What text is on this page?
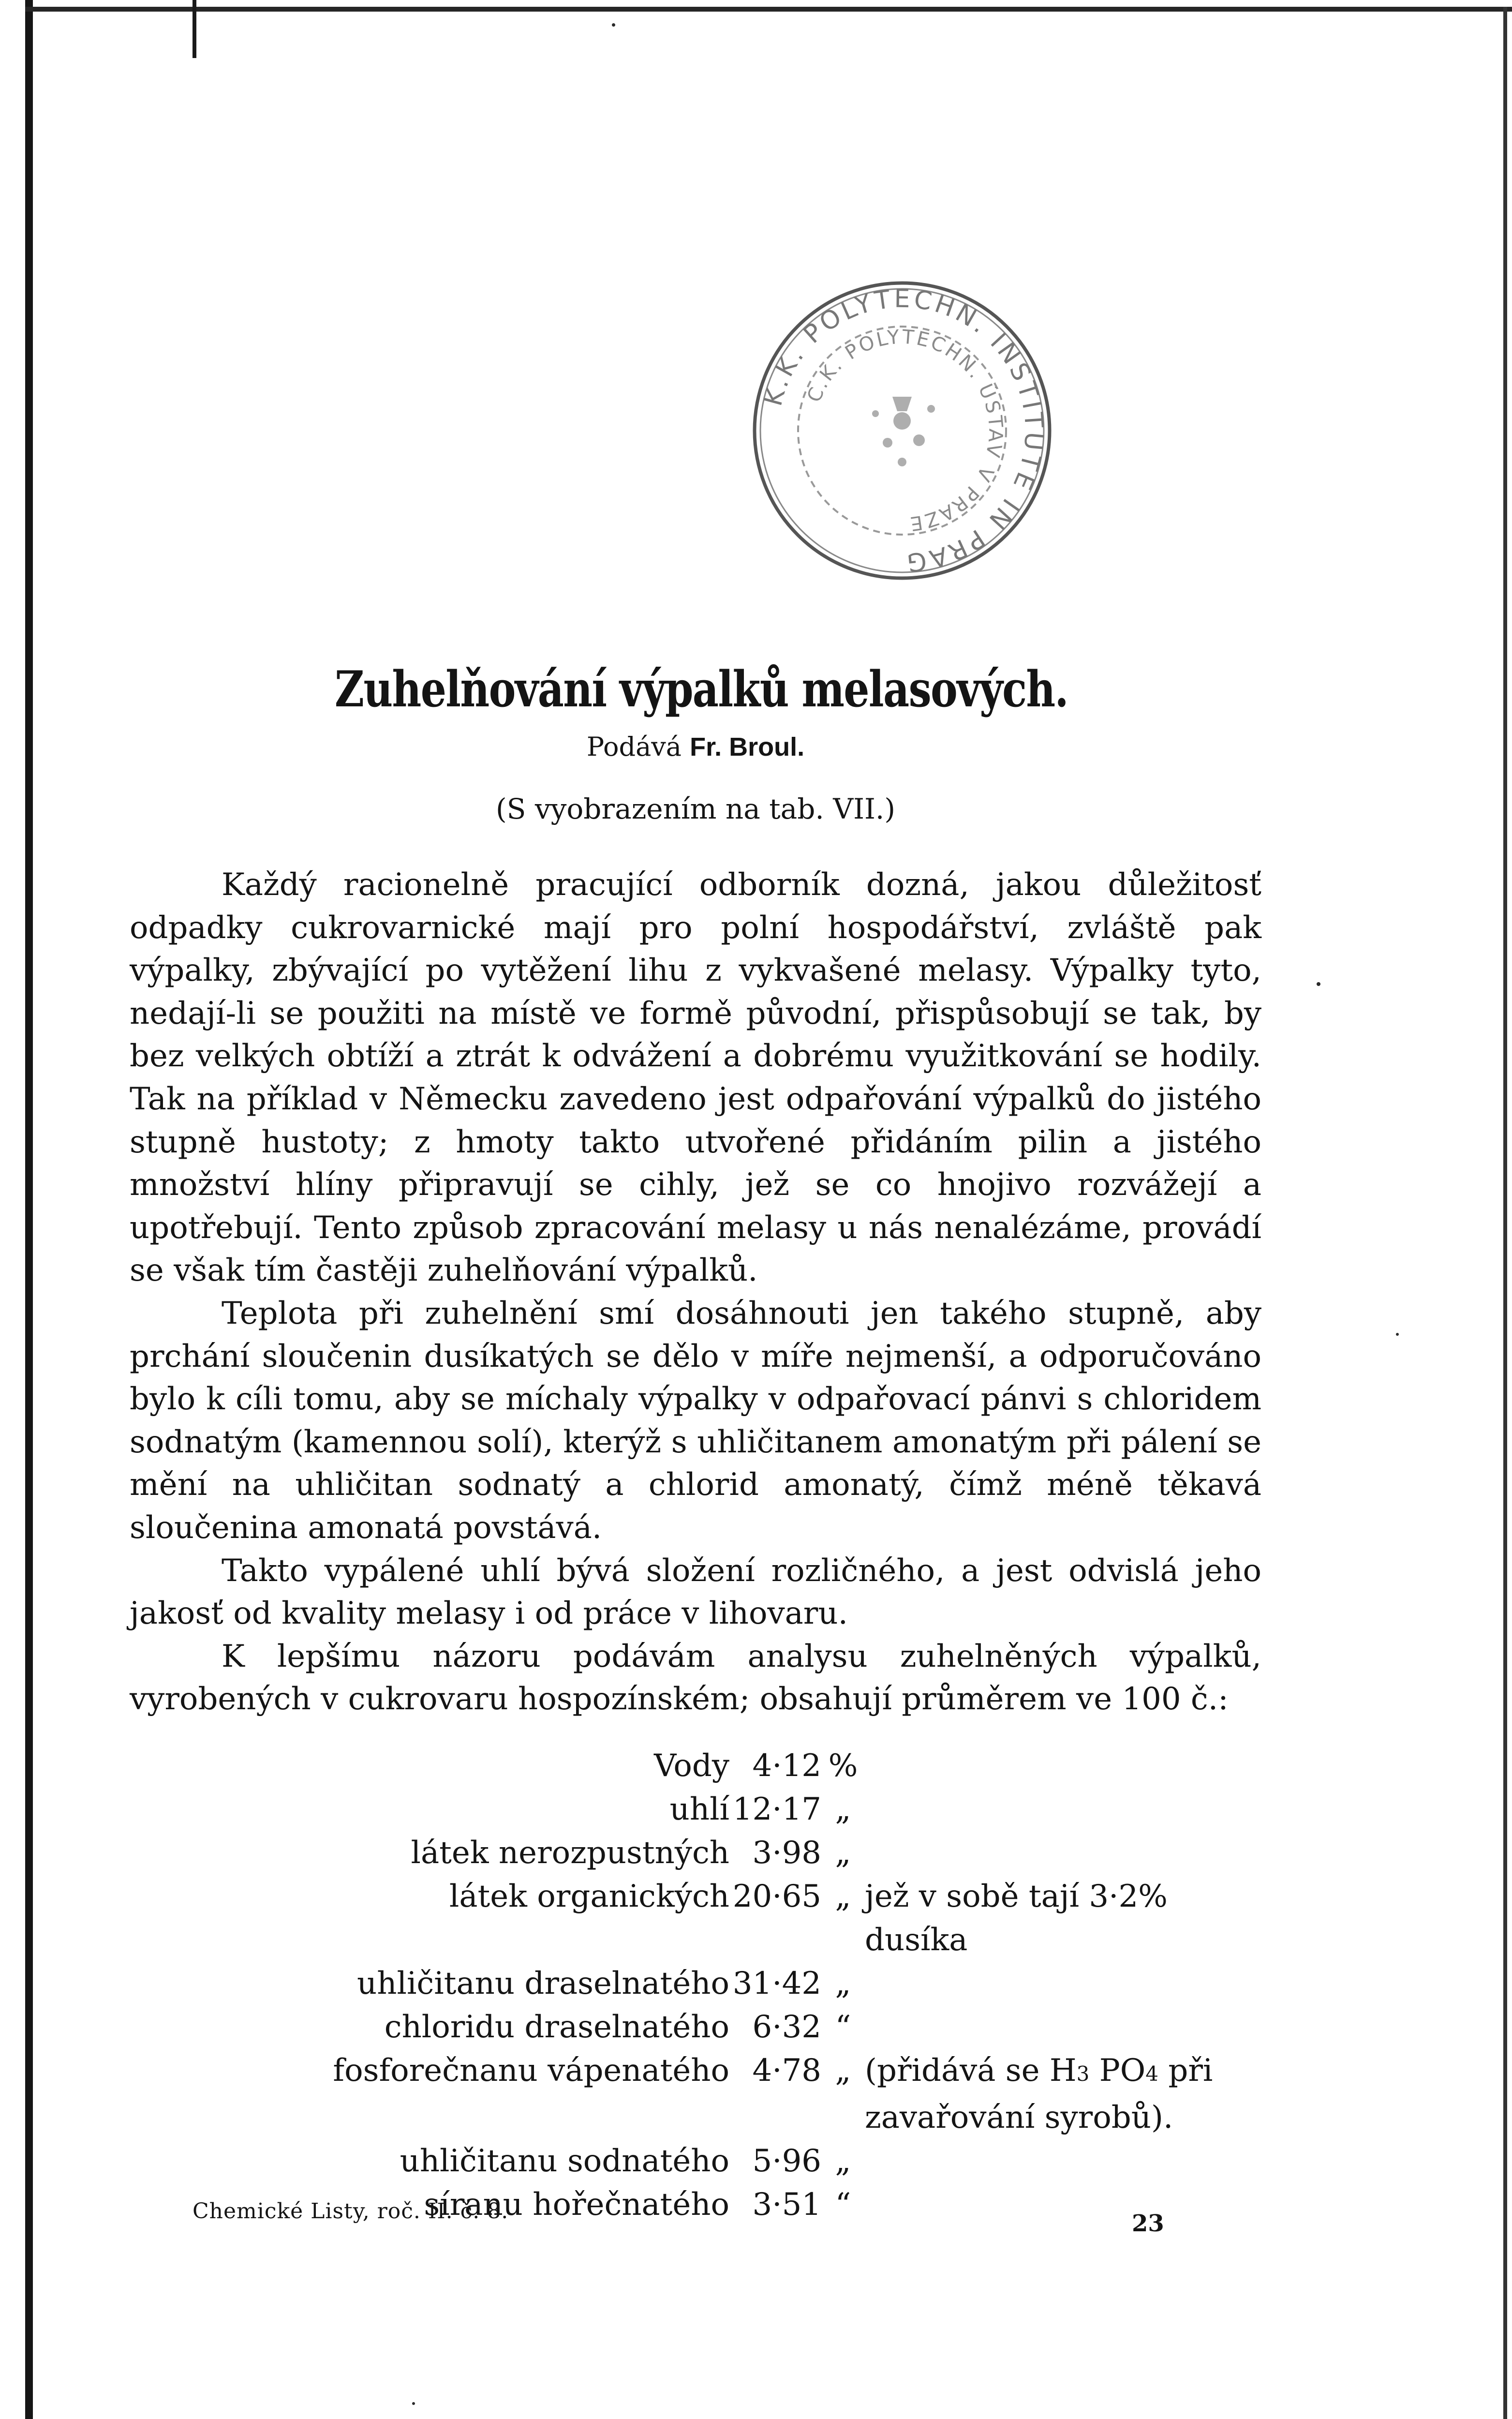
K.K. POLYTECHN. INSTITUTE IN PRAG
C.K. POLYTECHN. ÚSTAV V PRAZE
Zuhelňování výpalků melasových.
Podává Fr. Broul.
(S vyobrazením na tab. VII.)

Každý racionelně pracující odborník dozná, jakou důležitosť odpadky cukrovarnické mají pro polní hospodářství, zvláště pak výpalky, zbývající po vytěžení lihu z vykvašené melasy. Výpalky tyto, nedají-li se použiti na místě ve formě původní, přispůsobují se tak, by bez velkých obtíží a ztrát k odvážení a dobrému využitkování se hodily. Tak na příklad v Německu zavedeno jest odpařování výpalků do jistého stupně hustoty; z hmoty takto utvořené přidáním pilin a jistého množství hlíny připravují se cihly, jež se co hnojivo rozvážejí a upotřebují. Tento způsob zpracování melasy u nás nenalézáme, provádí se však tím častěji zuhelňování výpalků.

Teplota při zuhelnění smí dosáhnouti jen takého stupně, aby prchání sloučenin dusíkatých se dělo v míře nejmenší, a odporučováno bylo k cíli tomu, aby se míchaly výpalky v odpařovací pánvi s chloridem sodnatým (kamennou solí), kterýž s uhličitanem amonatým při pálení se mění na uhličitan sodnatý a chlorid amonatý, čímž méně těkavá sloučenina amonatá povstává.

Takto vypálené uhlí bývá složení rozličného, a jest odvislá jeho jakosť od kvality melasy i od práce v lihovaru.

K lepšímu názoru podávám analysu zuhelněných výpalků, vyrobených v cukrovaru hospozínském; obsahují průměrem ve 100 č.:

Vody 4·12 %
uhlí 12·17 „
látek nerozpustných 3·98 „
látek organických 20·65 „ jež v sobě tají 3·2% dusíka
uhličitanu draselnatého 31·42 „
chloridu draselnatého 6·32 “
fosforečnanu vápenatého 4·78 „ (přidává se H3 PO4 při
zavařování syrobů).
uhličitanu sodnatého 5·96 „
síranu hořečnatého 3·51 “
Chemické Listy, roč. II. č. 8.	23
